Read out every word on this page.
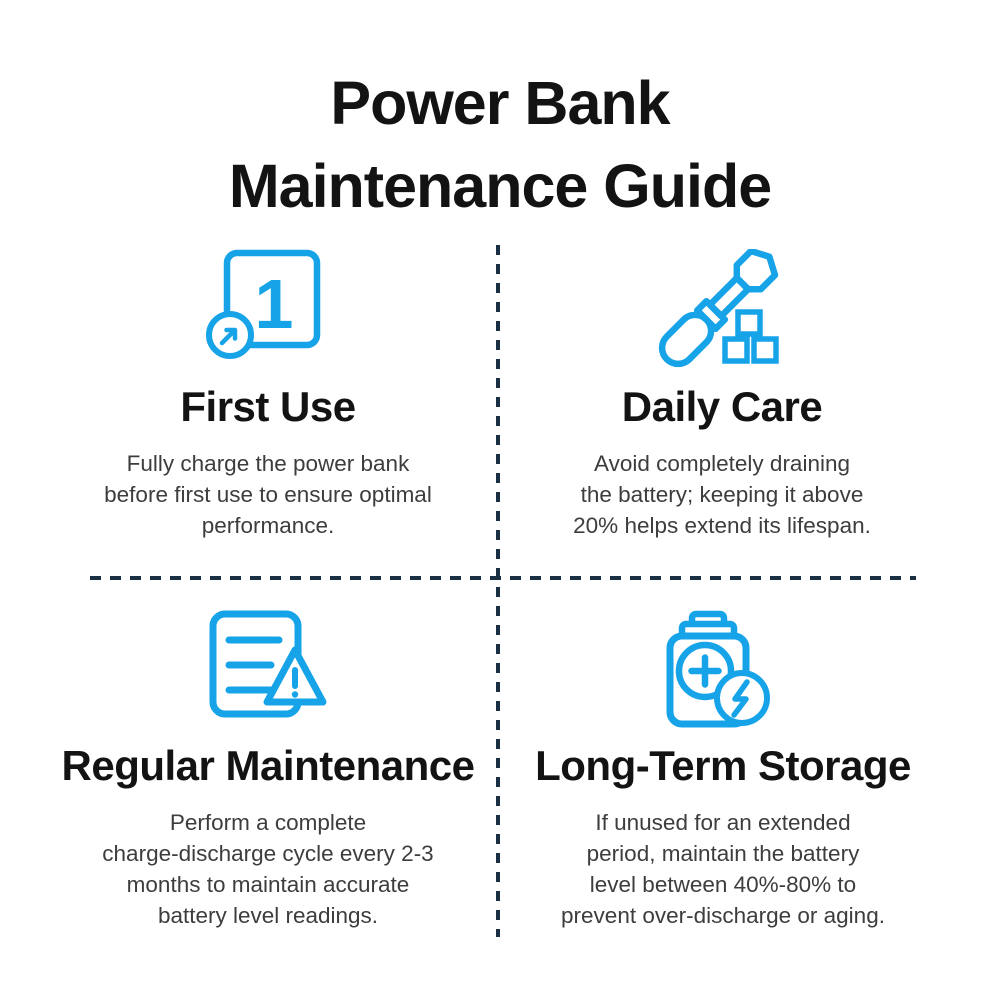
Power Bank
Maintenance Guide
1
First Use
Fully charge the power bank
before first use to ensure optimal
performance.
Daily Care
Avoid completely draining
the battery; keeping it above
20% helps extend its lifespan.
Regular Maintenance
Perform a complete
charge-discharge cycle every 2-3
months to maintain accurate
battery level readings.
Long-Term Storage
If unused for an extended
period, maintain the battery
level between 40%-80% to
prevent over-discharge or aging.
